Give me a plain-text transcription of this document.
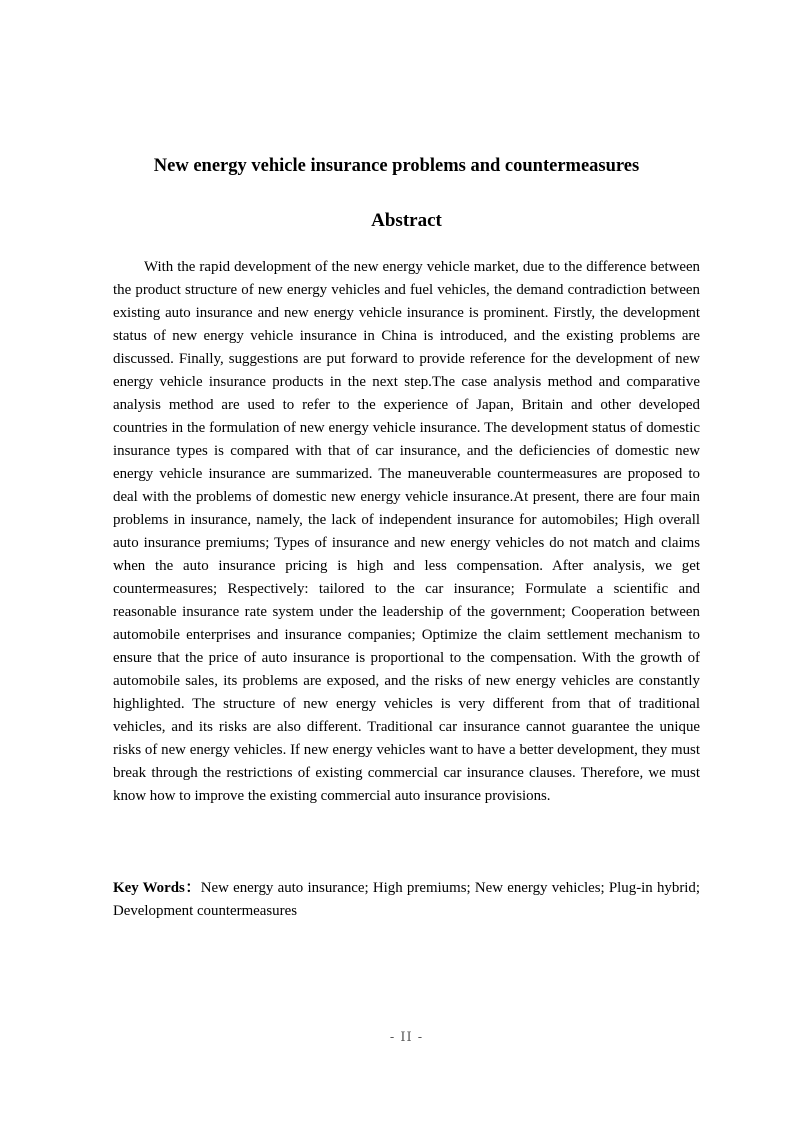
New energy vehicle insurance problems and countermeasures
Abstract

With the rapid development of the new energy vehicle market, due to the difference between the product structure of new energy vehicles and fuel vehicles, the demand contradiction between existing auto insurance and new energy vehicle insurance is prominent. Firstly, the development status of new energy vehicle insurance in China is introduced, and the existing problems are discussed. Finally, suggestions are put forward to provide reference for the development of new energy vehicle insurance products in the next step.The case analysis method and comparative analysis method are used to refer to the experience of Japan, Britain and other developed countries in the formulation of new energy vehicle insurance. The development status of domestic insurance types is compared with that of car insurance, and the deficiencies of domestic new energy vehicle insurance are summarized. The maneuverable countermeasures are proposed to deal with the problems of domestic new energy vehicle insurance.At present, there are four main problems in insurance, namely, the lack of independent insurance for automobiles; High overall auto insurance premiums; Types of insurance and new energy vehicles do not match and claims when the auto insurance pricing is high and less compensation. After analysis, we get countermeasures; Respectively: tailored to the car insurance; Formulate a scientific and reasonable insurance rate system under the leadership of the government; Cooperation between automobile enterprises and insurance companies; Optimize the claim settlement mechanism to ensure that the price of auto insurance is proportional to the compensation. With the growth of automobile sales, its problems are exposed, and the risks of new energy vehicles are constantly highlighted. The structure of new energy vehicles is very different from that of traditional vehicles, and its risks are also different. Traditional car insurance cannot guarantee the unique risks of new energy vehicles. If new energy vehicles want to have a better development, they must break through the restrictions of existing commercial car insurance clauses. Therefore, we must know how to improve the existing commercial auto insurance provisions.

Key Words：New energy auto insurance; High premiums; New energy vehicles; Plug-in hybrid; Development countermeasures

- II -
